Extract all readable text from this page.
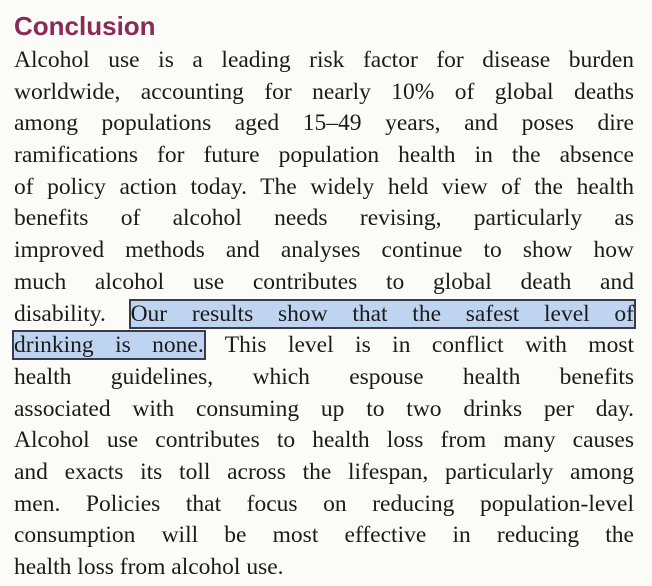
Conclusion
Alcohol use is a leading risk factor for disease burden
worldwide, accounting for nearly 10% of global deaths
among populations aged 15–49 years, and poses dire
ramifications for future population health in the absence
of policy action today. The widely held view of the health
benefits of alcohol needs revising, particularly as
improved methods and analyses continue to show how
much alcohol use contributes to global death and
disability. Our results show that the safest level of
drinking is none. This level is in conflict with most
health guidelines, which espouse health benefits
associated with consuming up to two drinks per day.
Alcohol use contributes to health loss from many causes
and exacts its toll across the lifespan, particularly among
men. Policies that focus on reducing population-level
consumption will be most effective in reducing the
health loss from alcohol use.
